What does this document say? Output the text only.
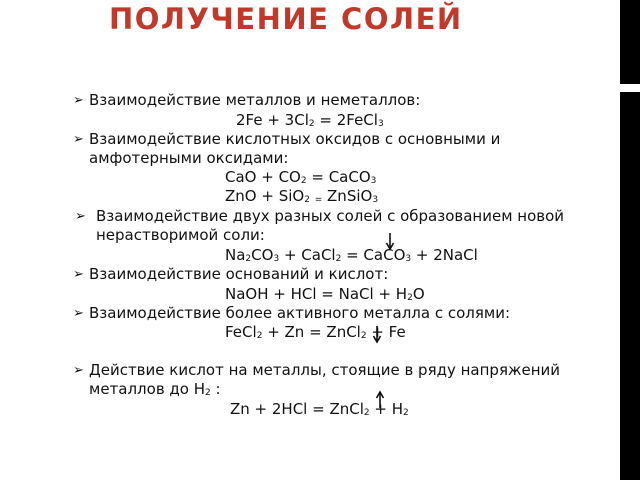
ПОЛУЧЕНИЕ СОЛЕЙ
➢
Взаимодействие металлов и неметаллов:
$2Fe + 3Cl_2$ = 2FeCl$_3$
➢
Взаимодействие кислотных оксидов с основными и
амфотерными оксидами:
CaO + $CO_2$ = CaCO$_3$
ZnO + SiO$_2$ $_=$ ZnSiO$_3$
➢
Взаимодействие двух разных солей с образованием новой
нерастворимой соли:
$Na_2CO_3$ + CaCl$_2$ = CaCO$_3$ + 2NaCl
➢
Взаимодействие оснований и кислот:
NaOH + HCl = NaCl + $H_2O$
➢
Взаимодействие более активного металла с солями:
FeCl$_2$ + Zn = ZnCl$_2$ + Fe
➢
Действие кислот на металлы, стоящие в ряду напряжений
металлов до $Н_2$ :
Zn + 2HCl = ZnCl$_2$ + $H_2$
